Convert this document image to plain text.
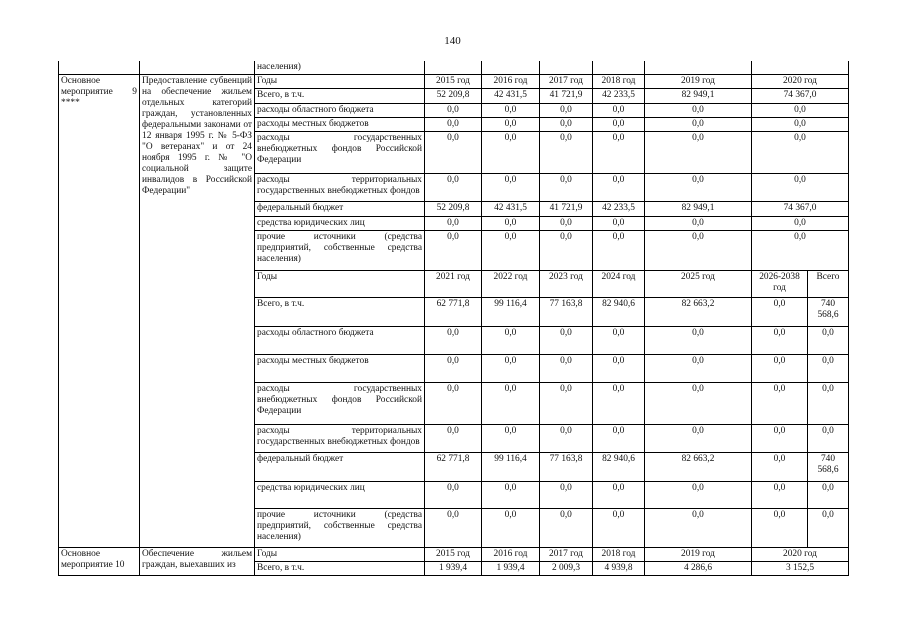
140
		населения)							
Основное мероприятие 9 ****	Предоставление субвенций на обеспечение жильем отдельных категорий граждан, установленных федеральными законами от 12 января 1995 г. № 5-ФЗ "О ветеранах" и от 24 ноября 1995 г. № "О социальной защите инвалидов в Российской Федерации"	Годы	2015 год	2016 год	2017 год	2018 год	2019 год	2020 год	
		Всего, в т.ч.	52 209,8	42 431,5	41 721,9	42 233,5	82 949,1	74 367,0	
		расходы областного бюджета	0,0	0,0	0,0	0,0	0,0	0,0	
		расходы местных бюджетов	0,0	0,0	0,0	0,0	0,0	0,0	
		расходы государственных внебюджетных фондов Российской Федерации	0,0	0,0	0,0	0,0	0,0	0,0	
		расходы территориальных государственных внебюджетных фондов	0,0	0,0	0,0	0,0	0,0	0,0	
		федеральный бюджет	52 209,8	42 431,5	41 721,9	42 233,5	82 949,1	74 367,0	
		средства юридических лиц	0,0	0,0	0,0	0,0	0,0	0,0	
		прочие источники (средства предприятий, собственные средства населения)	0,0	0,0	0,0	0,0	0,0	0,0	
		Годы	2021 год	2022 год	2023 год	2024 год	2025 год	2026-2038 год	Всего
		Всего, в т.ч.	62 771,8	99 116,4	77 163,8	82 940,6	82 663,2	0,0	740 568,6
		расходы областного бюджета	0,0	0,0	0,0	0,0	0,0	0,0	0,0
		расходы местных бюджетов	0,0	0,0	0,0	0,0	0,0	0,0	0,0
		расходы государственных внебюджетных фондов Российской Федерации	0,0	0,0	0,0	0,0	0,0	0,0	0,0
		расходы территориальных государственных внебюджетных фондов	0,0	0,0	0,0	0,0	0,0	0,0	0,0
		федеральный бюджет	62 771,8	99 116,4	77 163,8	82 940,6	82 663,2	0,0	740 568,6
		средства юридических лиц	0,0	0,0	0,0	0,0	0,0	0,0	0,0
		прочие источники (средства предприятий, собственные средства населения)	0,0	0,0	0,0	0,0	0,0	0,0	0,0
Основное мероприятие 10	Обеспечение жильем граждан, выехавших из	Годы	2015 год	2016 год	2017 год	2018 год	2019 год	2020 год	
		Всего, в т.ч.	1 939,4	1 939,4	2 009,3	4 939,8	4 286,6	3 152,5	
